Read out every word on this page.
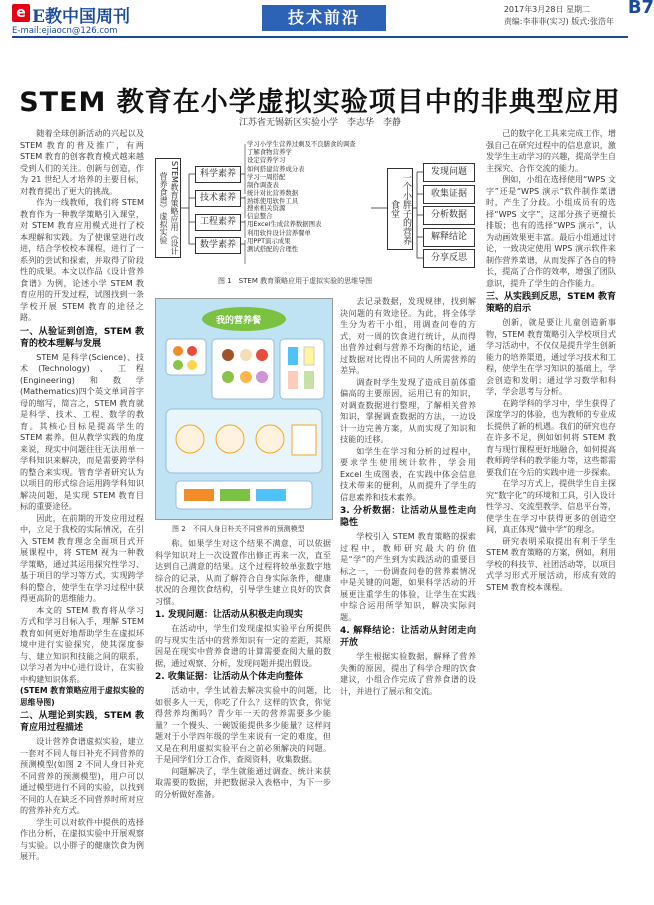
e E教中国周刊
E-mail:ejiaocn@126.com
技术前沿	2017年3月28日 星期二
责编:李菲菲(实习) 版式:张浩年
B7
STEM 教育在小学虚拟实验项目中的非典型应用
江苏省无锡新区实验小学　李志华　李静

随着全球创新活动的兴起以及 STEM 教育的普及推广，有两 STEM 教育的创客教育模式越来越受到人们的关注。创新与创造，作为 21 世纪人才培养的主要目标，对教育提出了更大的挑战。

作为一线教师，我们将 STEM 教育作为一种教学策略引入课堂，对 STEM 教育应用模式进行了校本理解和实践。为了使课堂进行改进，结合学校校本课程，进行了一系列的尝试和探索，并取得了阶段性的成果。本文以作品《设计营养食谱》为例，论述小学 STEM 教育应用的开发过程，试图找到一条学校开展 STEM 教育的途径之路。

一、从验证到创造，STEM 教育的校本理解与发展

STEM 是科学(Science)、技术(Technology)、工程(Engineering)和数学(Mathematics)四个英文单词首字母的缩写，简言之，STEM 教育就是科学、技术、工程、数学的教育。其核心目标是提高学生的 STEM 素养。但从教学实践的角度来说，现实中问题往往无法用单一学科知识来解决，而是需要跨学科的整合来实现。管育学者研究认为以项目的形式综合运用跨学科知识解决问题，是实现 STEM 教育目标的重要途径。

因此，在前期的开发应用过程中，立足于我校的实际情况，在引入 STEM 教育理念全面项目式开展课程中，将 STEM 视为一种教学策略，通过其运用探究性学习、基于项目的学习等方式，实现跨学科的整合，使学生在学习过程中获得更高阶的思维能力。

本文的 STEM 教育将从学习方式和学习目标入手，理解 STEM 教育如何更好地帮助学生在虚拟环境中进行实验探究，使其深度参与、建立知识和技能之间的联系，以学习者为中心进行设计，在实验中构建知识体系。

(STEM 教育策略应用于虚拟实验的思维导图)

二、从理论到实践，STEM 教育应用过程描述

设计营养食谱虚拟实验，建立一套对不同人每日补充不同营养的预测模型(如图 2 不同人身日补充不同营养的预测模型)，用户可以通过模型进行不同的实验，以找到不同的人在缺乏不同营养时所对应的营养补充方式。

学生可以对软件中提供的选择作出分析，在虚拟实验中开展观察与实验。以小胖子的健康饮食为例展开。

己的数字化工具来完成工作，增强自己在研究过程中的信息意识，激发学生主动学习的兴趣，提高学生自主探究、合作交流的能力。

例如，小组在选择使用“WPS 文字”还是“WPS 演示”软件制作菜谱时，产生了分歧。小组成员有的选择“WPS 文字”，这部分孩子更擅长排版；也有的选择“WPS 演示”，认为动画效果更丰富。最后小组通过讨论，一致决定使用 WPS 演示软件来制作营养菜谱，从而发挥了各自的特长，提高了合作的效率，增强了团队意识，提升了学生的合作能力。

三、从实践到反思，STEM 教育策略的启示

创新，就是要让儿童创造新事物，STEM 教育策略引入学校项目式学习活动中，不仅仅是提升学生创新能力的培养渠道，通过学习技术和工程，使学生在学习知识的基础上，学会创造和发明；通过学习数学和科学，学会思考与分析。

在跨学科的学习中，学生获得了深度学习的体验，也为教师的专业成长提供了新的机遇。我们的研究也存在许多不足，例如如何将 STEM 教育与现行课程更好地融合，如何提高教师跨学科的教学能力等，这些都需要我们在今后的实践中进一步探索。

在学习方式上，提供学生自主探究“数字化”的环境和工具，引入设计性学习、交流型教学、信息平台等，使学生在学习中获得更多的创造空间，真正体现“做中学”的理念。

研究表明采取提出有利于学生 STEM 教育策略的方案，例如，利用学校的科技节、社团活动等，以项目式学习形式开展活动，形成有效的 STEM 教育校本课程。

称。如果学生对这个结果不满意，可以依据科学知识对上一次设置作出修正再来一次，直至达到自己满意的结果。这个过程将较单张数字地综合的记录，从而了解符合自身实际条件，健康状况的合理饮食结构，引导学生建立良好的饮食习惯。

1. 发现问题：让活动从积极走向现实

在活动中，学生们发现虚拟实验平台所提供的与现实生活中的营养知识有一定的差距，其原因是在现实中营养食谱的计算需要查阅大量的数据，通过观察、分析，发现问题并提出假设。

2. 收集证据：让活动从个体走向整体

活动中，学生试着去解决实验中的问题，比如很多人一天，你吃了什么？这样的饮食，你觉得营养均衡吗？青少年一天的营养需要多少能量？一个慢头、一碗饭能提供多少能量？这样问题对于小学四年级的学生来说有一定的难度，但又是在利用虚拟实验平台之前必须解决的问题。于是同学们分工合作，查阅资料，收集数据。

问题解决了，学生就能通过调查、统计来获取需要的数据，并把数据录入表格中，为下一步的分析做好准备。

去记录数据，发现规律，找到解决问题的有效途径。为此，将全体学生分为若干小组，用调查问卷的方式，对一周的饮食进行统计，从而得出营养过剩与营养不均衡的结论，通过数据对比得出不同的人所需营养的差异。

调查时学生发现了造成目前体重偏高的主要原因，运用已有的知识，对调查数据进行整理，了解相关营养知识，掌握调查数据的方法，一边设计一边完善方案，从而实现了知识和技能的迁移。

如学生在学习和分析的过程中，要求学生使用统计软件，学会用 Excel 生成图表，在实践中体会信息技术带来的便利，从而提升了学生的信息素养和技术素养。

3. 分析数据：让活动从显性走向隐性

学校引入 STEM 教育策略的探索过程中，教师研究最大的价值是“学”的产生到为实践活动的重要目标之一，一份调查问卷的营养素情况中是关键的问题，如果科学活动的开展更注重学生的体验，让学生在实践中综合运用所学知识，解决实际问题。

4. 解释结论：让活动从封闭走向开放

学生根据实验数据，解释了营养失衡的原因，提出了科学合理的饮食建议，小组合作完成了营养食谱的设计，并进行了展示和交流。

STEM教育策略应用《设计营养食谱》虚拟实验	科学素养
技术素养
工程素养
数学素养
学习小学生营养过剩及不良膳食的调查
了解食物营养学
设定营养学习
如何搭建营养成分表
学习一周搭配
制作调查表
统计对比营养数据
熟练使用软件工具
搜索相关资源
信息整合
用Excel生成营养数据图表
利用软件设计营养餐单
用PPT演示成果
测试搭配的合理性
一个小胖子的营养食堂
发现问题
收集证据
分析数据
解释结论
分享反思
图 1　STEM 教育策略应用于虚拟实验的思维导图
我的营养餐
图 2　不同人身日朴关不同营养的预测模型
